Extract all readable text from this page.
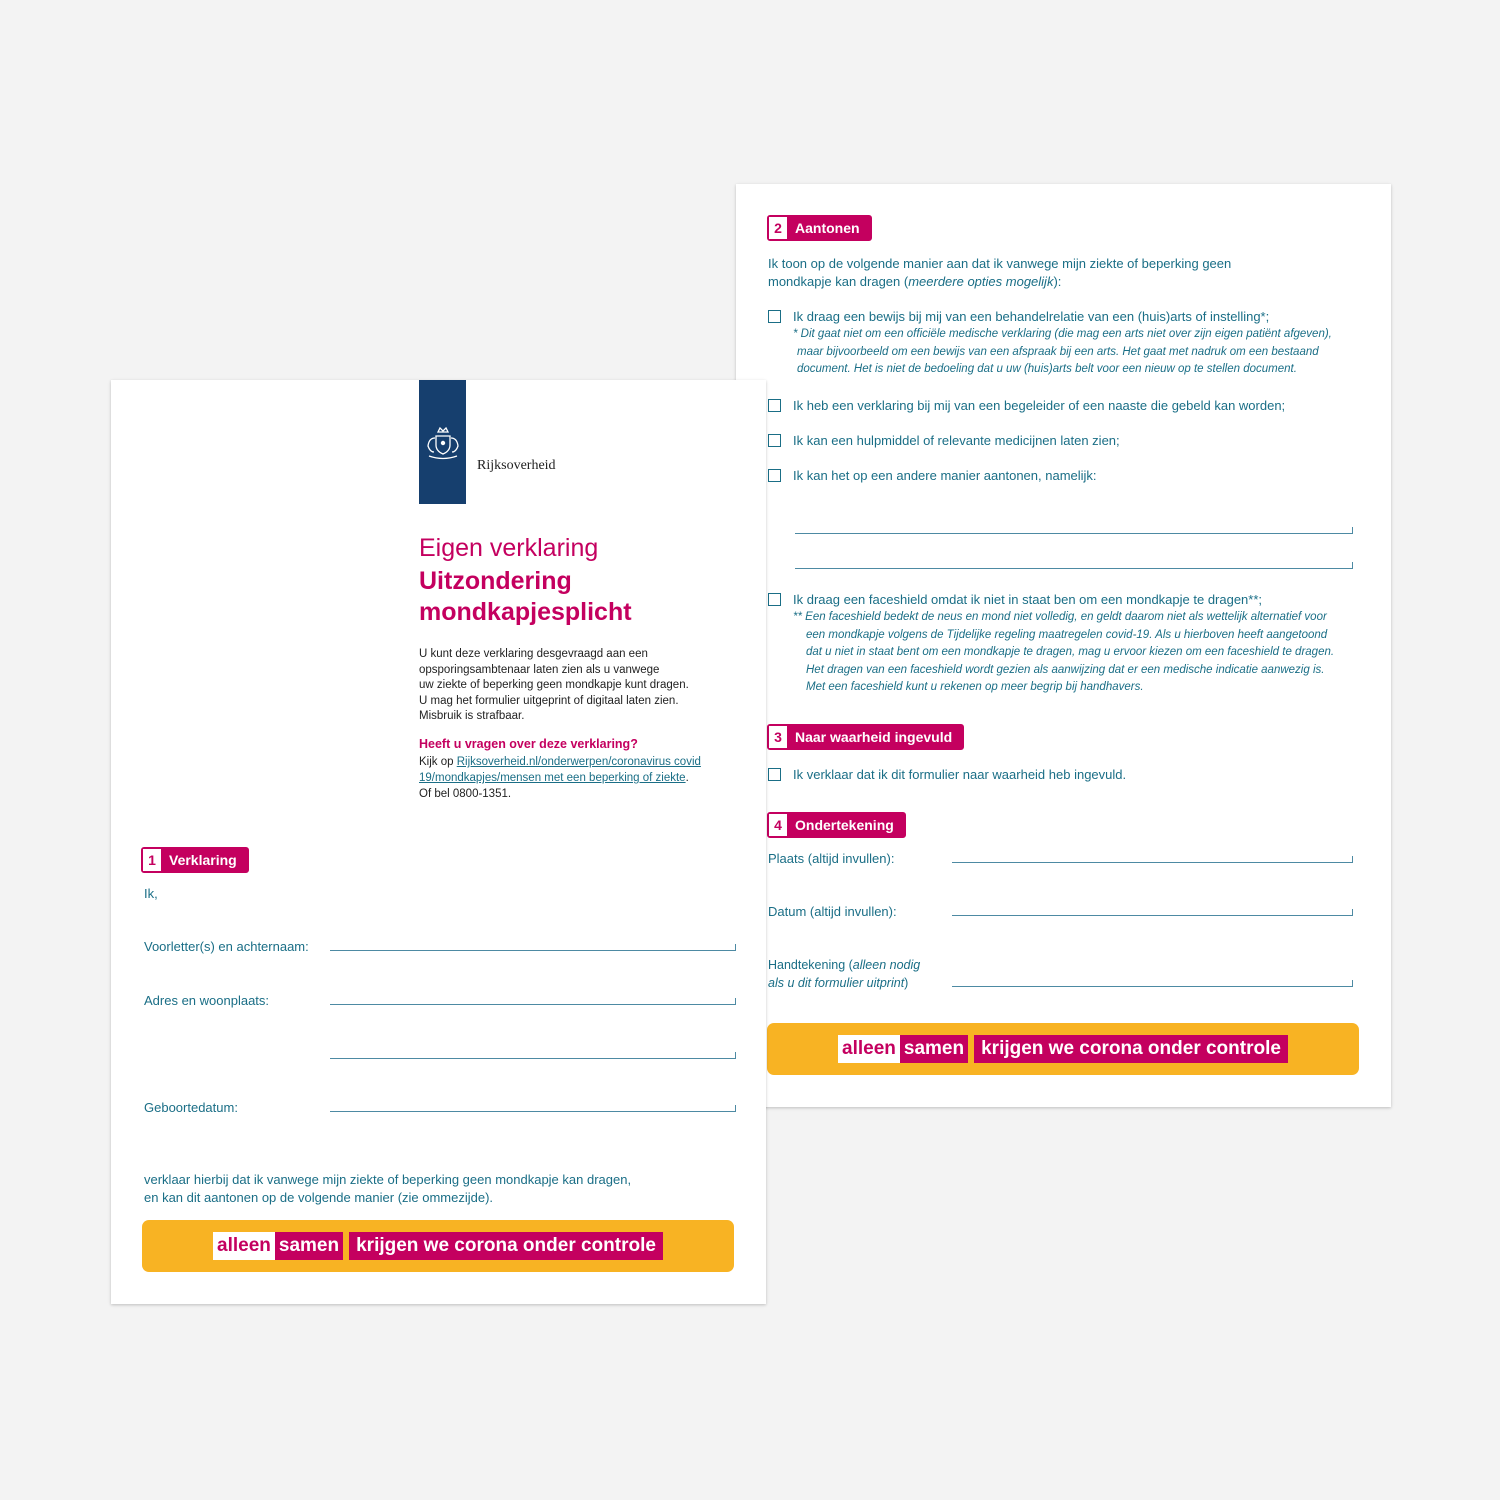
2 Aantonen
Ik toon op de volgende manier aan dat ik vanwege mijn ziekte of beperking geen
mondkapje kan dragen (meerdere opties mogelijk):
Ik draag een bewijs bij mij van een behandelrelatie van een (huis)arts of instelling*;
* Dit gaat niet om een officiële medische verklaring (die mag een arts niet over zijn eigen patiënt afgeven),
maar bijvoorbeeld om een bewijs van een afspraak bij een arts. Het gaat met nadruk om een bestaand
document. Het is niet de bedoeling dat u uw (huis)arts belt voor een nieuw op te stellen document.
Ik heb een verklaring bij mij van een begeleider of een naaste die gebeld kan worden;
Ik kan een hulpmiddel of relevante medicijnen laten zien;
Ik kan het op een andere manier aantonen, namelijk:
Ik draag een faceshield omdat ik niet in staat ben om een mondkapje te dragen**;
** Een faceshield bedekt de neus en mond niet volledig, en geldt daarom niet als wettelijk alternatief voor
een mondkapje volgens de Tijdelijke regeling maatregelen covid-19. Als u hierboven heeft aangetoond
dat u niet in staat bent om een mondkapje te dragen, mag u ervoor kiezen om een faceshield te dragen.
Het dragen van een faceshield wordt gezien als aanwijzing dat er een medische indicatie aanwezig is.
Met een faceshield kunt u rekenen op meer begrip bij handhavers.
3 Naar waarheid ingevuld
Ik verklaar dat ik dit formulier naar waarheid heb ingevuld.
4 Ondertekening
Plaats (altijd invullen):
Datum (altijd invullen):
Handtekening (alleen nodig
als u dit formulier uitprint)
alleen samen krijgen we corona onder controle
Rijksoverheid
Eigen verklaring
Uitzondering
mondkapjesplicht
U kunt deze verklaring desgevraagd aan een
opsporingsambtenaar laten zien als u vanwege
uw ziekte of beperking geen mondkapje kunt dragen.
U mag het formulier uitgeprint of digitaal laten zien.
Misbruik is strafbaar.
Heeft u vragen over deze verklaring?
Kijk op Rijksoverheid.nl/onderwerpen/coronavirus covid
19/mondkapjes/mensen met een beperking of ziekte.
Of bel 0800-1351.
1 Verklaring
Ik,
Voorletter(s) en achternaam:
Adres en woonplaats:
Geboortedatum:
verklaar hierbij dat ik vanwege mijn ziekte of beperking geen mondkapje kan dragen,
en kan dit aantonen op de volgende manier (zie ommezijde).
alleen samen krijgen we corona onder controle
